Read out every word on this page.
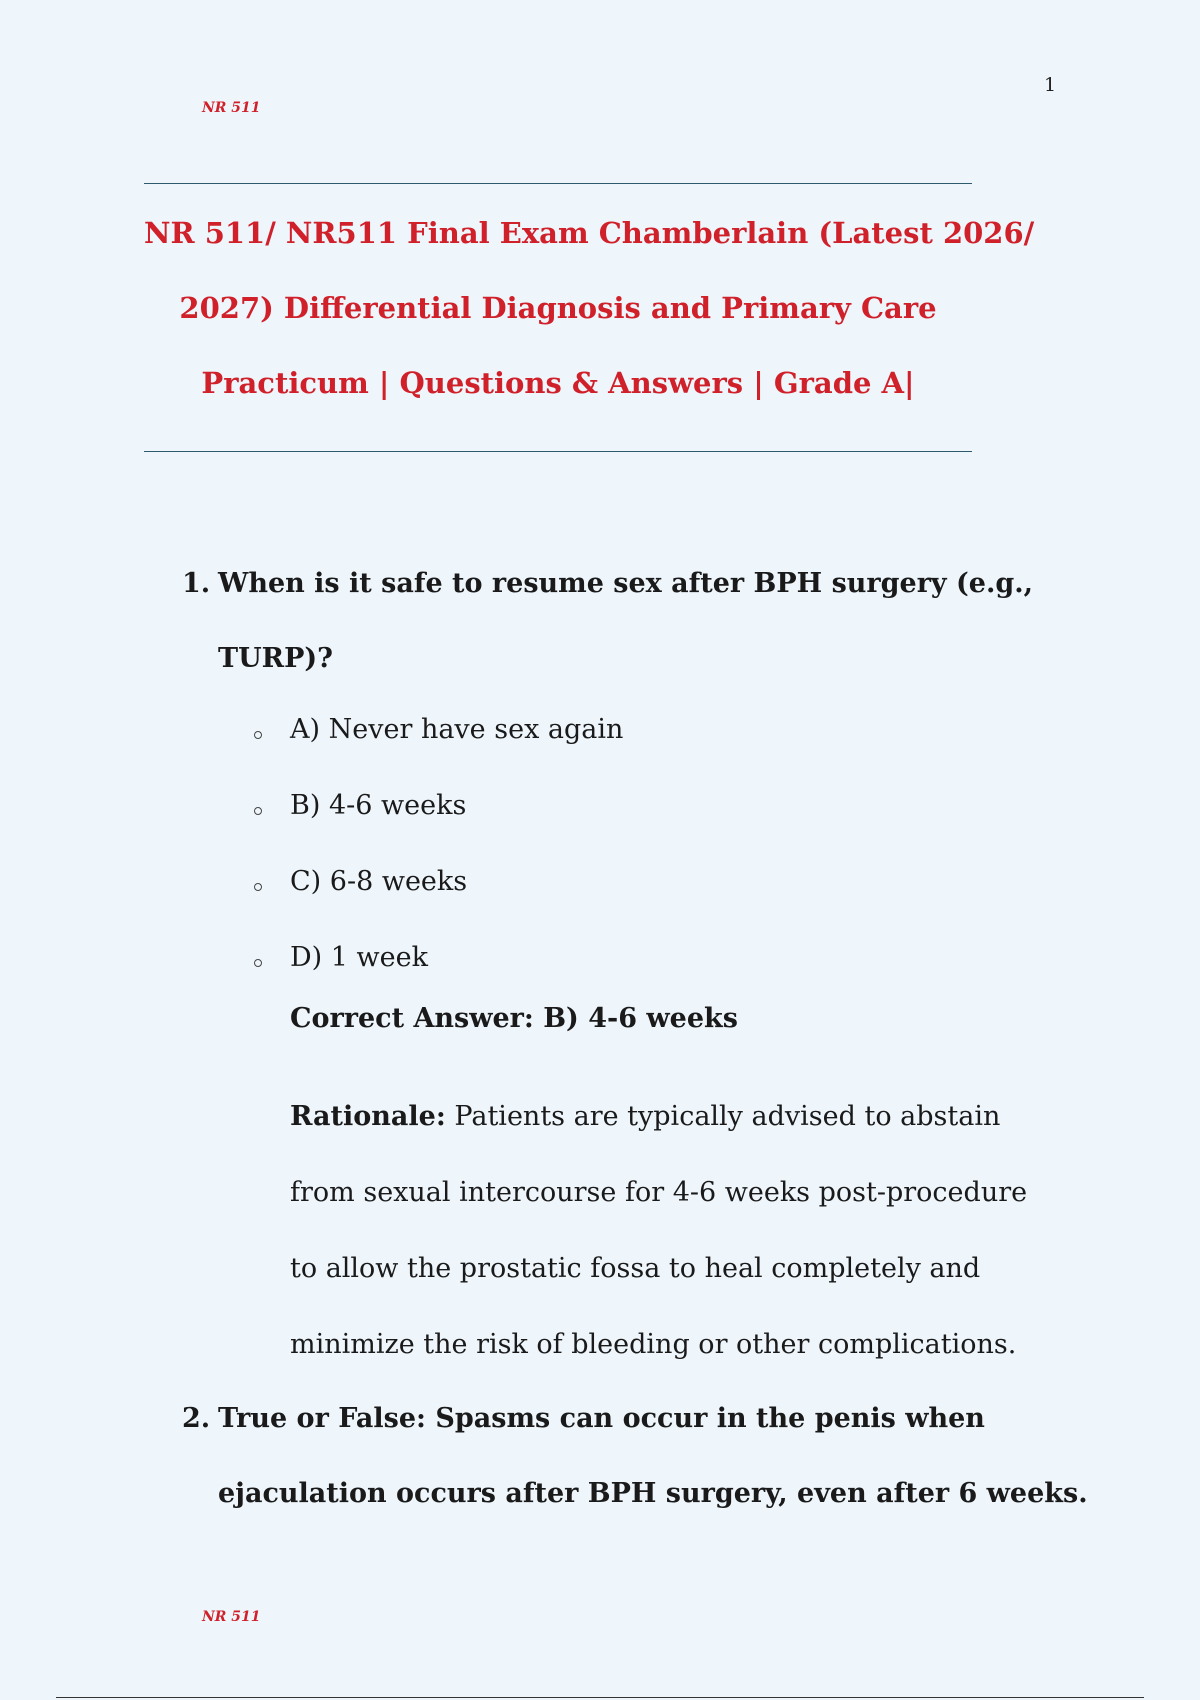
NR 511
1
NR 511/ NR511 Final Exam Chamberlain (Latest 2026/
2027) Differential Diagnosis and Primary Care
Practicum | Questions & Answers | Grade A|
1. When is it safe to resume sex after BPH surgery (e.g.,
TURP)?
A) Never have sex again
B) 4-6 weeks
C) 6-8 weeks
D) 1 week
Correct Answer: B) 4-6 weeks
Rationale: Patients are typically advised to abstain
from sexual intercourse for 4-6 weeks post-procedure
to allow the prostatic fossa to heal completely and
minimize the risk of bleeding or other complications.
2. True or False: Spasms can occur in the penis when
ejaculation occurs after BPH surgery, even after 6 weeks.
NR 511
